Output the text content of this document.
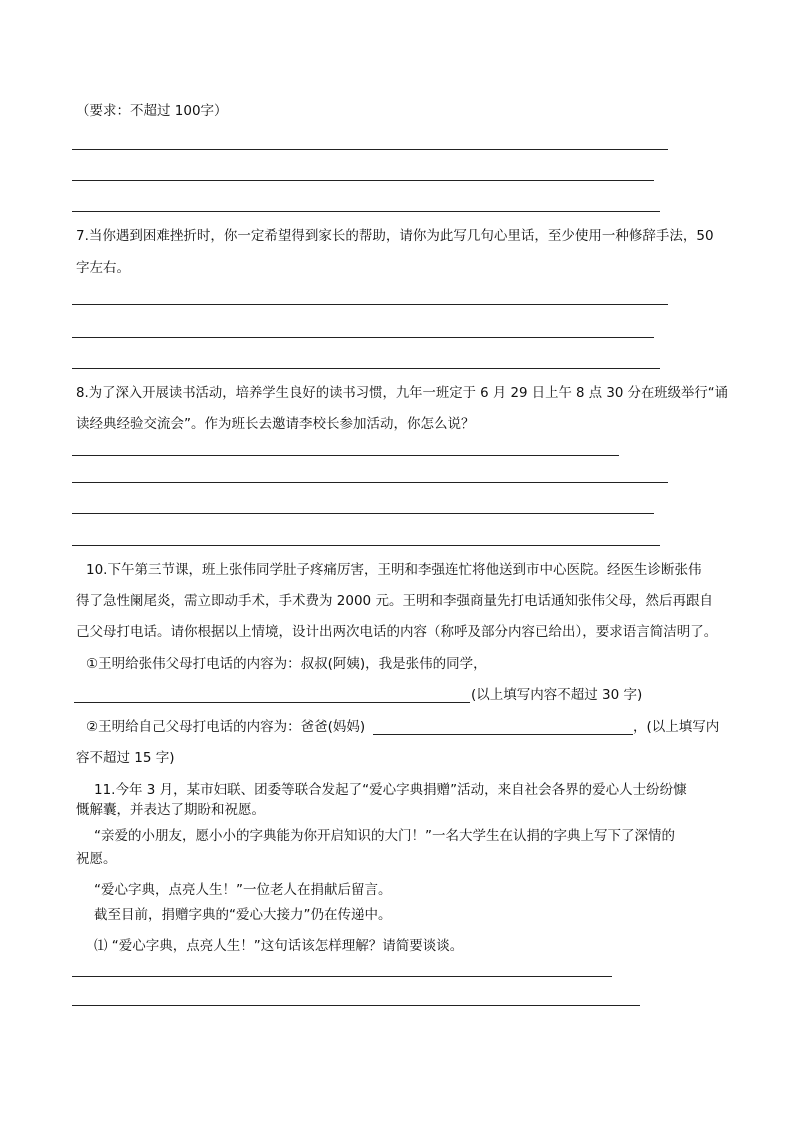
（要求：不超过 100字）
7.当你遇到困难挫折时，你一定希望得到家长的帮助，请你为此写几句心里话，至少使用一种修辞手法，50
字左右。
8.为了深入开展读书活动，培养学生良好的读书习惯，九年一班定于 6 月 29 日上午 8 点 30 分在班级举行“诵
读经典经验交流会”。作为班长去邀请李校长参加活动，你怎么说？
10.下午第三节课，班上张伟同学肚子疼痛厉害，王明和李强连忙将他送到市中心医院。经医生诊断张伟
得了急性阑尾炎，需立即动手术，手术费为 2000 元。王明和李强商量先打电话通知张伟父母，然后再跟自
己父母打电话。请你根据以上情境，设计出两次电话的内容（称呼及部分内容已给出），要求语言简洁明了。
①王明给张伟父母打电话的内容为：叔叔(阿姨)，我是张伟的同学，
(以上填写内容不超过 30 字)
②王明给自己父母打电话的内容为：爸爸(妈妈)	，(以上填写内
容不超过 15 字)
11.今年 3 月，某市妇联、团委等联合发起了“爱心字典捐赠”活动，来自社会各界的爱心人士纷纷慷
慨解囊，并表达了期盼和祝愿。
“亲爱的小朋友，愿小小的字典能为你开启知识的大门！”一名大学生在认捐的字典上写下了深情的
祝愿。
“爱心字典，点亮人生！”一位老人在捐献后留言。
截至目前，捐赠字典的“爱心大接力”仍在传递中。
⑴ “爱心字典，点亮人生！”这句话该怎样理解？请简要谈谈。
